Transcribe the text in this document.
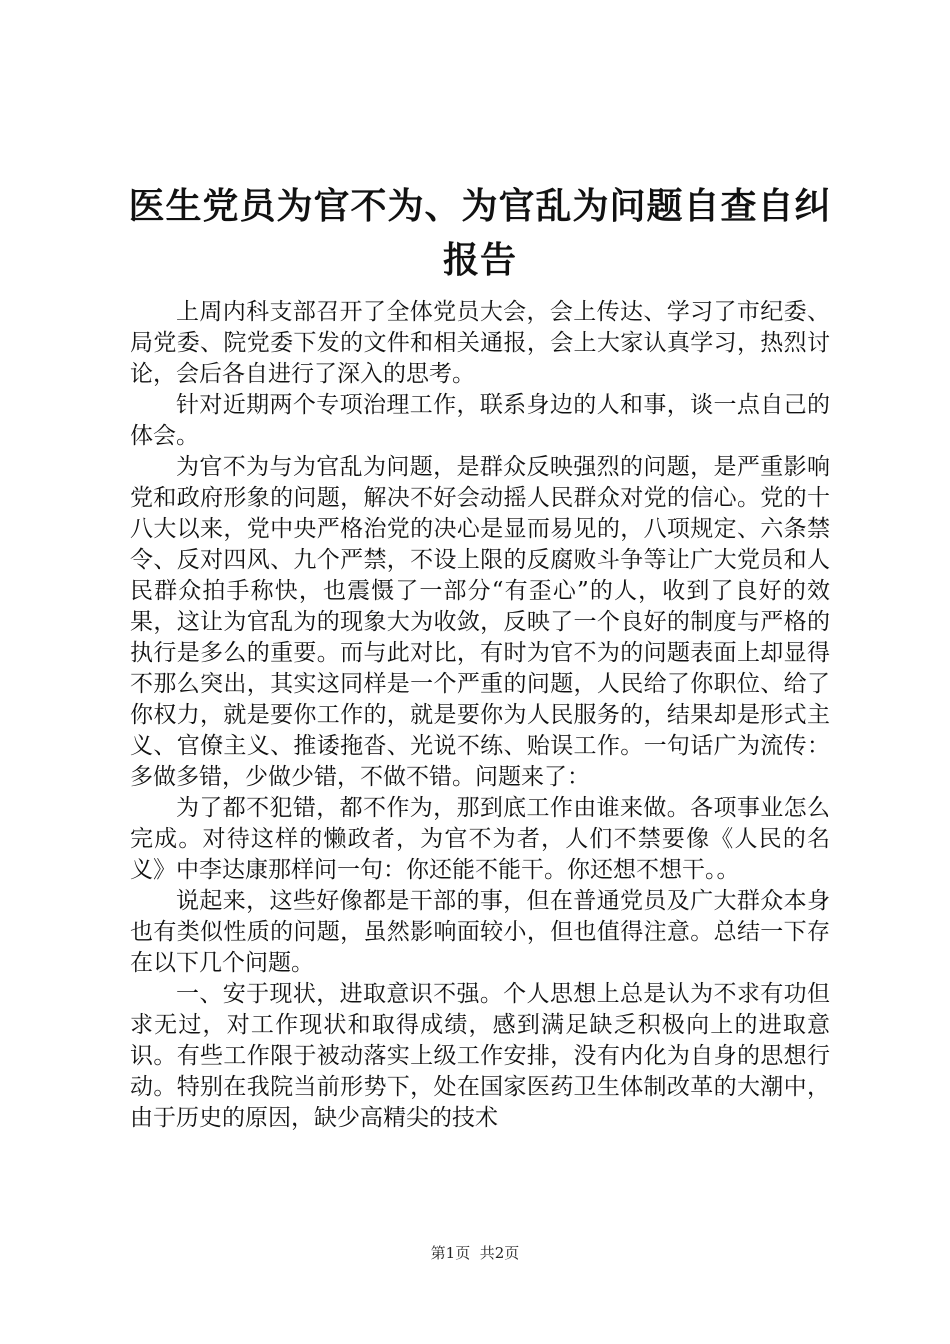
医生党员为官不为、为官乱为问题自查自纠报告

上周内科支部召开了全体党员大会，会上传达、学习了市纪委、局党委、院党委下发的文件和相关通报，会上大家认真学习，热烈讨论，会后各自进行了深入的思考。

针对近期两个专项治理工作，联系身边的人和事，谈一点自己的体会。

为官不为与为官乱为问题，是群众反映强烈的问题，是严重影响党和政府形象的问题，解决不好会动摇人民群众对党的信心。党的十八大以来，党中央严格治党的决心是显而易见的，八项规定、六条禁令、反对四风、九个严禁，不设上限的反腐败斗争等让广大党员和人民群众拍手称快，也震慑了一部分“有歪心”的人，收到了良好的效果，这让为官乱为的现象大为收敛，反映了一个良好的制度与严格的执行是多么的重要。而与此对比，有时为官不为的问题表面上却显得不那么突出，其实这同样是一个严重的问题，人民给了你职位、给了你权力，就是要你工作的，就是要你为人民服务的，结果却是形式主义、官僚主义、推诿拖沓、光说不练、贻误工作。一句话广为流传：多做多错，少做少错，不做不错。问题来了：

为了都不犯错，都不作为，那到底工作由谁来做。各项事业怎么完成。对待这样的懒政者，为官不为者，人们不禁要像《人民的名义》中李达康那样问一句：你还能不能干。你还想不想干。。

说起来，这些好像都是干部的事，但在普通党员及广大群众本身也有类似性质的问题，虽然影响面较小，但也值得注意。总结一下存在以下几个问题。

一、安于现状，进取意识不强。个人思想上总是认为不求有功但求无过，对工作现状和取得成绩，感到满足缺乏积极向上的进取意识。有些工作限于被动落实上级工作安排，没有内化为自身的思想行动。特别在我院当前形势下，处在国家医药卫生体制改革的大潮中，由于历史的原因，缺少高精尖的技术

第1页 共2页
